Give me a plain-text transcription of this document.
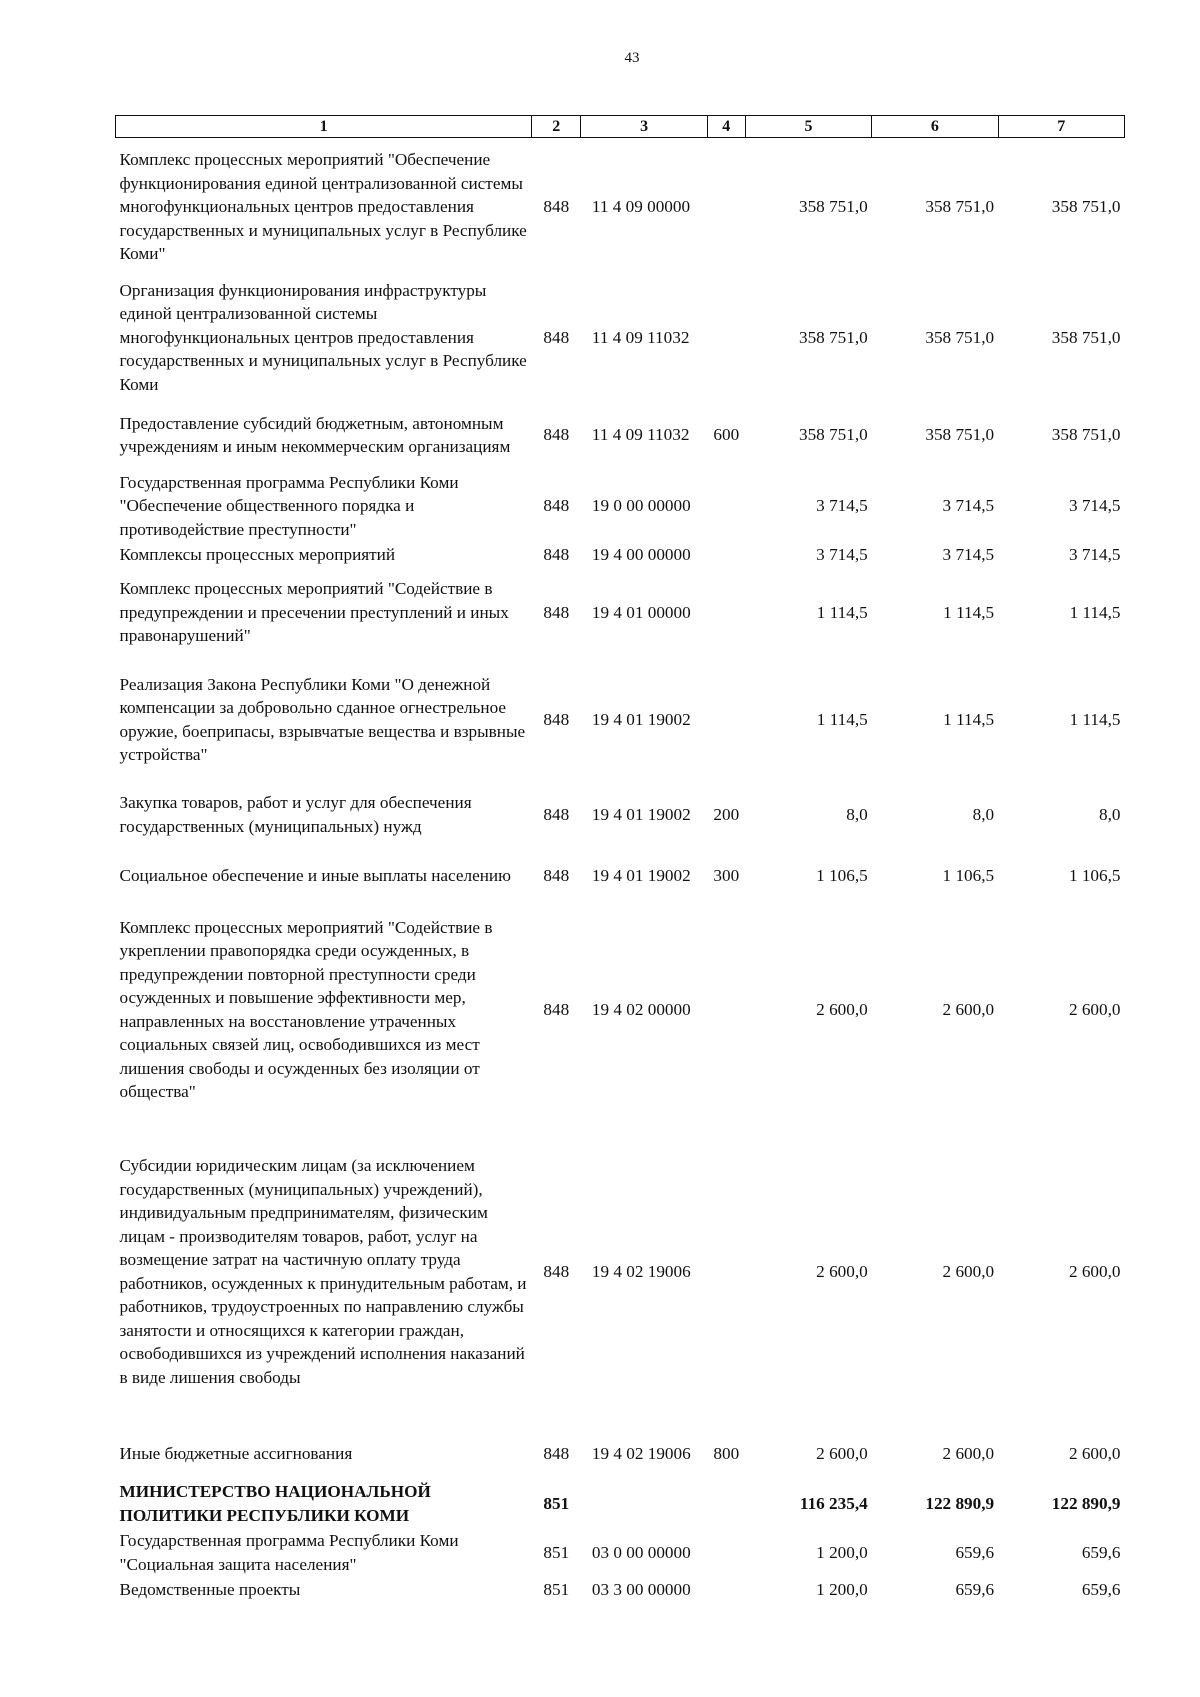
43
1	2	3	4	5	6	7
Комплекс процессных мероприятий "Обеспечение функционирования единой централизованной системы многофункциональных центров предоставления государственных и муниципальных услуг в Республике Коми"	848	11 4 09 00000		358 751,0	358 751,0	358 751,0
Организация функционирования инфраструктуры единой централизованной системы многофункциональных центров предоставления государственных и муниципальных услуг в Республике Коми	848	11 4 09 11032		358 751,0	358 751,0	358 751,0
Предоставление субсидий бюджетным, автономным учреждениям и иным некоммерческим организациям	848	11 4 09 11032	600	358 751,0	358 751,0	358 751,0
Государственная программа Республики Коми "Обеспечение общественного порядка и противодействие преступности"	848	19 0 00 00000		3 714,5	3 714,5	3 714,5
Комплексы процессных мероприятий	848	19 4 00 00000		3 714,5	3 714,5	3 714,5
Комплекс процессных мероприятий "Содействие в предупреждении и пресечении преступлений и иных правонарушений"	848	19 4 01 00000		1 114,5	1 114,5	1 114,5
Реализация Закона Республики Коми "О денежной компенсации за добровольно сданное огнестрельное оружие, боеприпасы, взрывчатые вещества и взрывные устройства"	848	19 4 01 19002		1 114,5	1 114,5	1 114,5
Закупка товаров, работ и услуг для обеспечения государственных (муниципальных) нужд	848	19 4 01 19002	200	8,0	8,0	8,0
Социальное обеспечение и иные выплаты населению	848	19 4 01 19002	300	1 106,5	1 106,5	1 106,5
Комплекс процессных мероприятий "Содействие в укреплении правопорядка среди осужденных, в предупреждении повторной преступности среди осужденных и повышение эффективности мер, направленных на восстановление утраченных социальных связей лиц, освободившихся из мест лишения свободы и осужденных без изоляции от общества"	848	19 4 02 00000		2 600,0	2 600,0	2 600,0
Субсидии юридическим лицам (за исключением государственных (муниципальных) учреждений), индивидуальным предпринимателям, физическим лицам - производителям товаров, работ, услуг на возмещение затрат на частичную оплату труда работников, осужденных к принудительным работам, и работников, трудоустроенных по направлению службы занятости и относящихся к категории граждан, освободившихся из учреждений исполнения наказаний в виде лишения свободы	848	19 4 02 19006		2 600,0	2 600,0	2 600,0
Иные бюджетные ассигнования	848	19 4 02 19006	800	2 600,0	2 600,0	2 600,0
МИНИСТЕРСТВО НАЦИОНАЛЬНОЙ ПОЛИТИКИ РЕСПУБЛИКИ КОМИ	851			116 235,4	122 890,9	122 890,9
Государственная программа Республики Коми "Социальная защита населения"	851	03 0 00 00000		1 200,0	659,6	659,6
Ведомственные проекты	851	03 3 00 00000		1 200,0	659,6	659,6
